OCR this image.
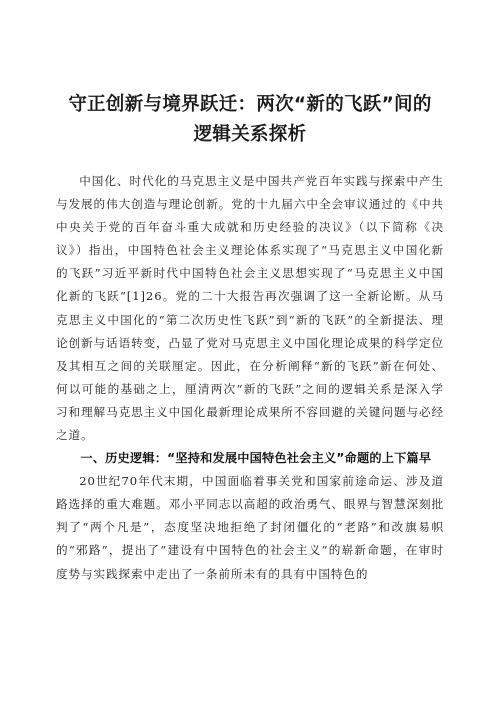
守正创新与境界跃迁：两次“新的飞跃”间的逻辑关系探析

中国化、时代化的马克思主义是中国共产党百年实践与探索中产生与发展的伟大创造与理论创新。党的十九届六中全会审议通过的《中共中央关于党的百年奋斗重大成就和历史经验的决议》（以下简称《决议》）指出，中国特色社会主义理论体系实现了“马克思主义中国化新的飞跃”习近平新时代中国特色社会主义思想实现了“马克思主义中国化新的飞跃”[1]26。党的二十大报告再次强调了这一全新论断。从马克思主义中国化的“第二次历史性飞跃”到“新的飞跃”的全新提法、理论创新与话语转变，凸显了党对马克思主义中国化理论成果的科学定位及其相互之间的关联厘定。因此，在分析阐释“新的飞跃”新在何处、何以可能的基础之上，厘清两次“新的飞跃”之间的逻辑关系是深入学习和理解马克思主义中国化最新理论成果所不容回避的关键问题与必经之道。

一、历史逻辑：“坚持和发展中国特色社会主义”命题的上下篇早

20世纪70年代末期，中国面临着事关党和国家前途命运、涉及道路选择的重大难题。邓小平同志以高超的政治勇气、眼界与智慧深刻批判了“两个凡是”，态度坚决地拒绝了封闭僵化的“老路”和改旗易帜的“邪路”，提出了“建设有中国特色的社会主义”的崭新命题，在审时度势与实践探索中走出了一条前所未有的具有中国特色的
